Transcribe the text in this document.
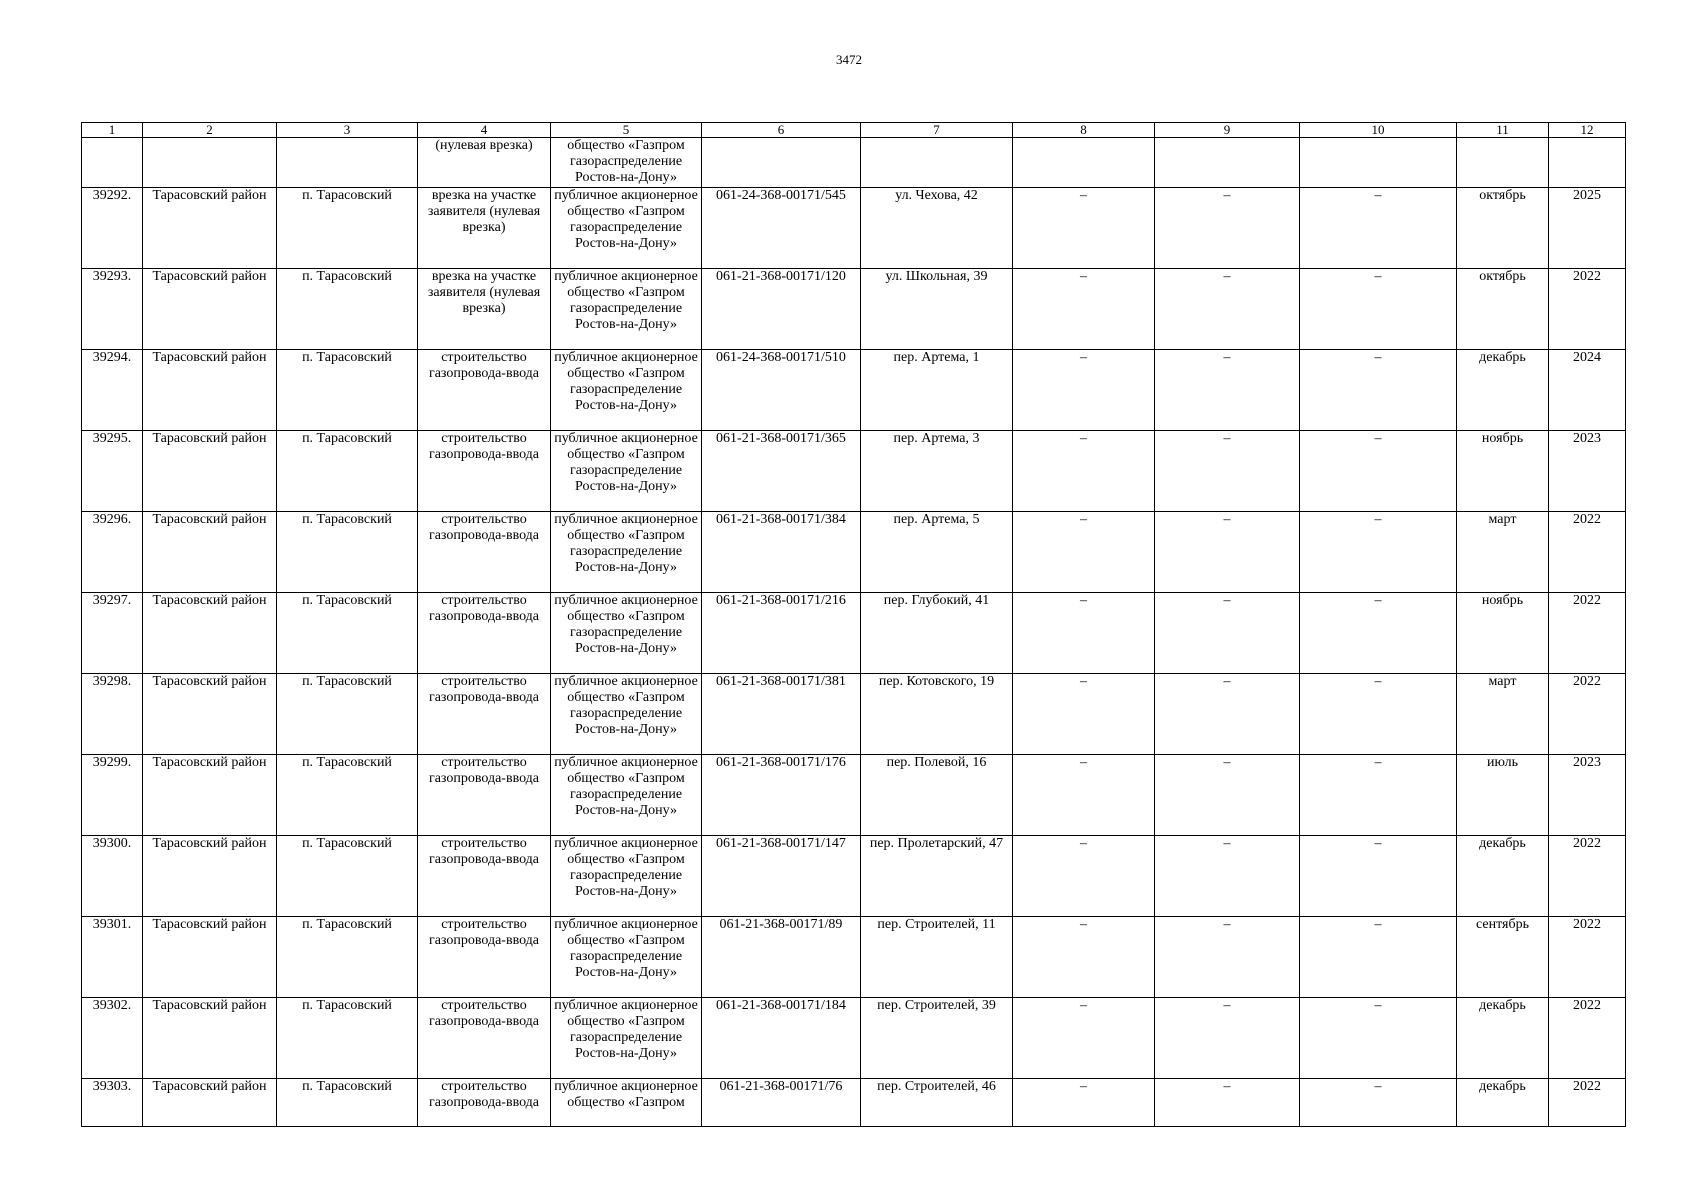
3472
1	2	3	4	5	6	7	8	9	10	11	12
			(нулевая врезка)	общество «Газпром газораспределение Ростов-на-Дону»							
39292.	Тарасовский район	п. Тарасовский	врезка на участке заявителя (нулевая врезка)	публичное акционерное общество «Газпром газораспределение Ростов-на-Дону»	061-24-368-00171/545	ул. Чехова, 42	–	–	–	октябрь	2025
39293.	Тарасовский район	п. Тарасовский	врезка на участке заявителя (нулевая врезка)	публичное акционерное общество «Газпром газораспределение Ростов-на-Дону»	061-21-368-00171/120	ул. Школьная, 39	–	–	–	октябрь	2022
39294.	Тарасовский район	п. Тарасовский	строительство газопровода-ввода	публичное акционерное общество «Газпром газораспределение Ростов-на-Дону»	061-24-368-00171/510	пер. Артема, 1	–	–	–	декабрь	2024
39295.	Тарасовский район	п. Тарасовский	строительство газопровода-ввода	публичное акционерное общество «Газпром газораспределение Ростов-на-Дону»	061-21-368-00171/365	пер. Артема, 3	–	–	–	ноябрь	2023
39296.	Тарасовский район	п. Тарасовский	строительство газопровода-ввода	публичное акционерное общество «Газпром газораспределение Ростов-на-Дону»	061-21-368-00171/384	пер. Артема, 5	–	–	–	март	2022
39297.	Тарасовский район	п. Тарасовский	строительство газопровода-ввода	публичное акционерное общество «Газпром газораспределение Ростов-на-Дону»	061-21-368-00171/216	пер. Глубокий, 41	–	–	–	ноябрь	2022
39298.	Тарасовский район	п. Тарасовский	строительство газопровода-ввода	публичное акционерное общество «Газпром газораспределение Ростов-на-Дону»	061-21-368-00171/381	пер. Котовского, 19	–	–	–	март	2022
39299.	Тарасовский район	п. Тарасовский	строительство газопровода-ввода	публичное акционерное общество «Газпром газораспределение Ростов-на-Дону»	061-21-368-00171/176	пер. Полевой, 16	–	–	–	июль	2023
39300.	Тарасовский район	п. Тарасовский	строительство газопровода-ввода	публичное акционерное общество «Газпром газораспределение Ростов-на-Дону»	061-21-368-00171/147	пер. Пролетарский, 47	–	–	–	декабрь	2022
39301.	Тарасовский район	п. Тарасовский	строительство газопровода-ввода	публичное акционерное общество «Газпром газораспределение Ростов-на-Дону»	061-21-368-00171/89	пер. Строителей, 11	–	–	–	сентябрь	2022
39302.	Тарасовский район	п. Тарасовский	строительство газопровода-ввода	публичное акционерное общество «Газпром газораспределение Ростов-на-Дону»	061-21-368-00171/184	пер. Строителей, 39	–	–	–	декабрь	2022
39303.	Тарасовский район	п. Тарасовский	строительство газопровода-ввода	публичное акционерное общество «Газпром	061-21-368-00171/76	пер. Строителей, 46	–	–	–	декабрь	2022
